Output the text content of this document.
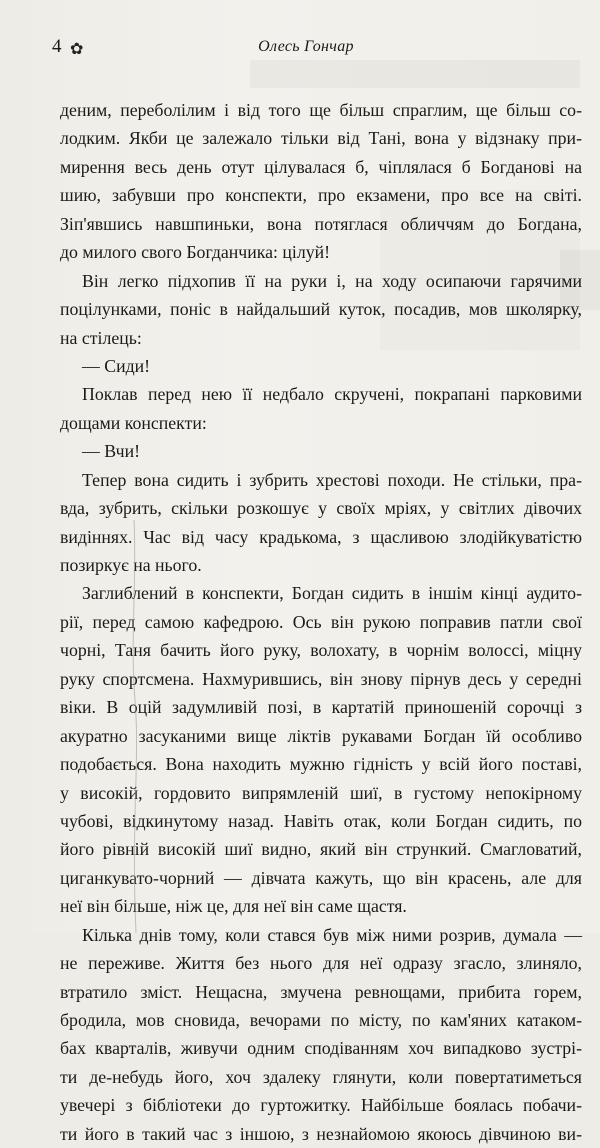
4 ✿	Олесь Гончар
деним, переболілим і від того ще більш спраглим, ще більш со-
лодким. Якби це залежало тільки від Тані, вона у відзнаку при-
мирення весь день отут цілувалася б, чіплялася б Богданові на
шию, забувши про конспекти, про екзамени, про все на світі.
Зіп'явшись навшпиньки, вона потяглася обличчям до Богдана,
до милого свого Богданчика: цілуй!
Він легко підхопив її на руки і, на ходу осипаючи гарячими
поцілунками, поніс в найдальший куток, посадив, мов школярку,
на стілець:
— Сиди!
Поклав перед нею її недбало скручені, покрапані парковими
дощами конспекти:
— Вчи!
Тепер вона сидить і зубрить хрестові походи. Не стільки, пра-
вда, зубрить, скільки розкошує у своїх мріях, у світлих дівочих
видіннях. Час від часу крадькома, з щасливою злодійкуватістю
позиркує на нього.
Заглиблений в конспекти, Богдан сидить в іншім кінці аудито-
рії, перед самою кафедрою. Ось він рукою поправив патли свої
чорні, Таня бачить його руку, волохату, в чорнім волоссі, міцну
руку спортсмена. Нахмурившись, він знову пірнув десь у середні
віки. В оцій задумливій позі, в картатій приношеній сорочці з
акуратно засуканими вище ліктів рукавами Богдан їй особливо
подобається. Вона находить мужню гідність у всій його поставі,
у високій, гордовито випрямленій шиї, в густому непокірному
чубові, відкинутому назад. Навіть отак, коли Богдан сидить, по
його рівній високій шиї видно, який він стрункий. Смагловатий,
циганкувато-чорний — дівчата кажуть, що він красень, але для
неї він більше, ніж це, для неї він саме щастя.
Кілька днів тому, коли стався був між ними розрив, думала —
не переживе. Життя без нього для неї одразу згасло, злиняло,
втратило зміст. Нещасна, змучена ревнощами, прибита горем,
бродила, мов сновида, вечорами по місту, по кам'яних катаком-
бах кварталів, живучи одним сподіванням хоч випадково зустрі-
ти де-небудь його, хоч здалеку глянути, коли повертатиметься
увечері з бібліотеки до гуртожитку. Найбільше боялась побачи-
ти його в такий час з іншою, з незнайомою якоюсь дівчиною ви-
